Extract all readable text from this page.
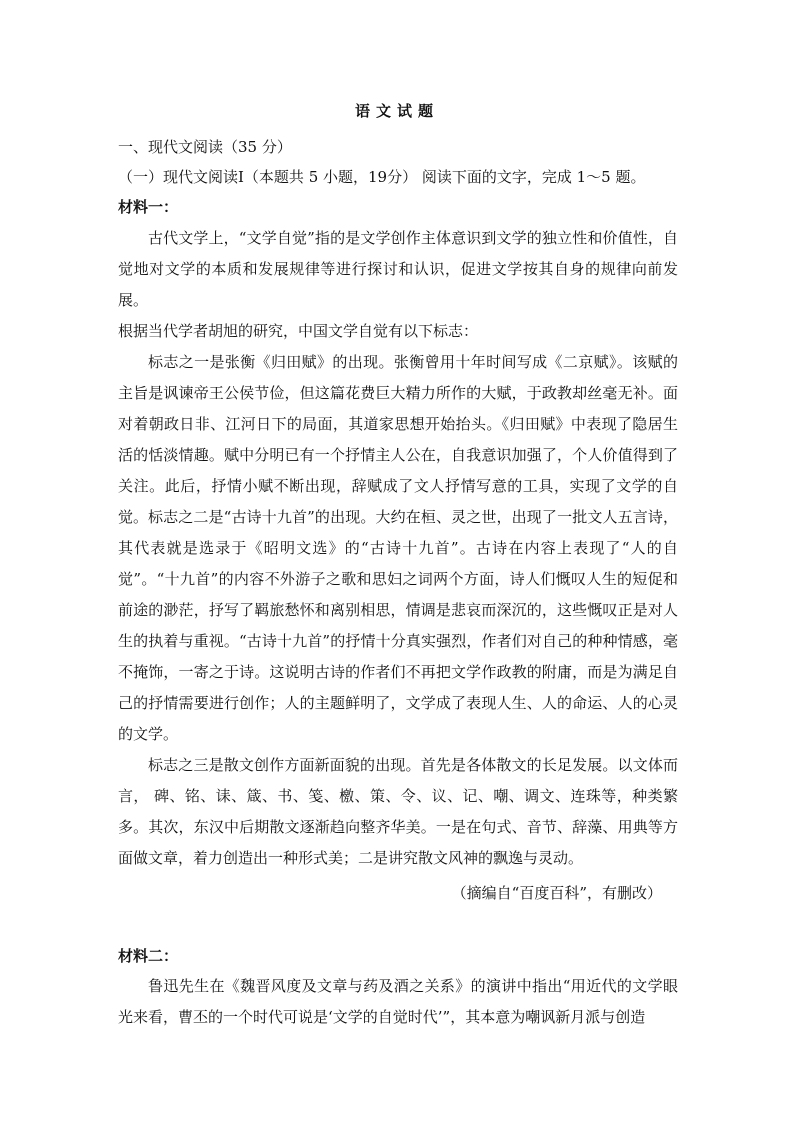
语文试题
一、现代文阅读（35 分）
（一）现代文阅读Ⅰ（本题共 5 小题，19分） 阅读下面的文字，完成 1～5 题。
材料一：
古代文学上，“文学自觉”指的是文学创作主体意识到文学的独立性和价值性，自觉地对文学的本质和发展规律等进行探讨和认识，促进文学按其自身的规律向前发展。
根据当代学者胡旭的研究，中国文学自觉有以下标志：
标志之一是张衡《归田赋》的出现。张衡曾用十年时间写成《二京赋》。该赋的主旨是讽谏帝王公侯节俭，但这篇花费巨大精力所作的大赋，于政教却丝毫无补。面对着朝政日非、江河日下的局面，其道家思想开始抬头。《归田赋》中表现了隐居生活的恬淡情趣。赋中分明已有一个抒情主人公在，自我意识加强了，个人价值得到了关注。此后，抒情小赋不断出现，辞赋成了文人抒情写意的工具，实现了文学的自觉。 标志之二是“古诗十九首”的出现。大约在桓、灵之世，出现了一批文人五言诗，其代表就是选录于《昭明文选》的“古诗十九首”。古诗在内容上表现了“人的自觉”。“十九首”的内容不外游子之歌和思妇之词两个方面，诗人们慨叹人生的短促和前途的渺茫，抒写了羁旅愁怀和离别相思，情调是悲哀而深沉的，这些慨叹正是对人生的执着与重视。“古诗十九首”的抒情十分真实强烈，作者们对自己的种种情感，毫不掩饰，一寄之于诗。这说明古诗的作者们不再把文学作政教的附庸，而是为满足自己的抒情需要进行创作；人的主题鲜明了，文学成了表现人生、人的命运、人的心灵的文学。
标志之三是散文创作方面新面貌的出现。首先是各体散文的长足发展。以文体而言， 碑、铭、诔、箴、书、笺、檄、策、令、议、记、嘲、调文、连珠等，种类繁多。其次，东汉中后期散文逐渐趋向整齐华美。一是在句式、音节、辞藻、用典等方面做文章，着力创造出一种形式美；二是讲究散文风神的飘逸与灵动。
（摘编自“百度百科”，有删改）
材料二：
鲁迅先生在《魏晋风度及文章与药及酒之关系》的演讲中指出“用近代的文学眼光来看，曹丕的一个时代可说是‘文学的自觉时代’”，其本意为嘲讽新月派与创造
